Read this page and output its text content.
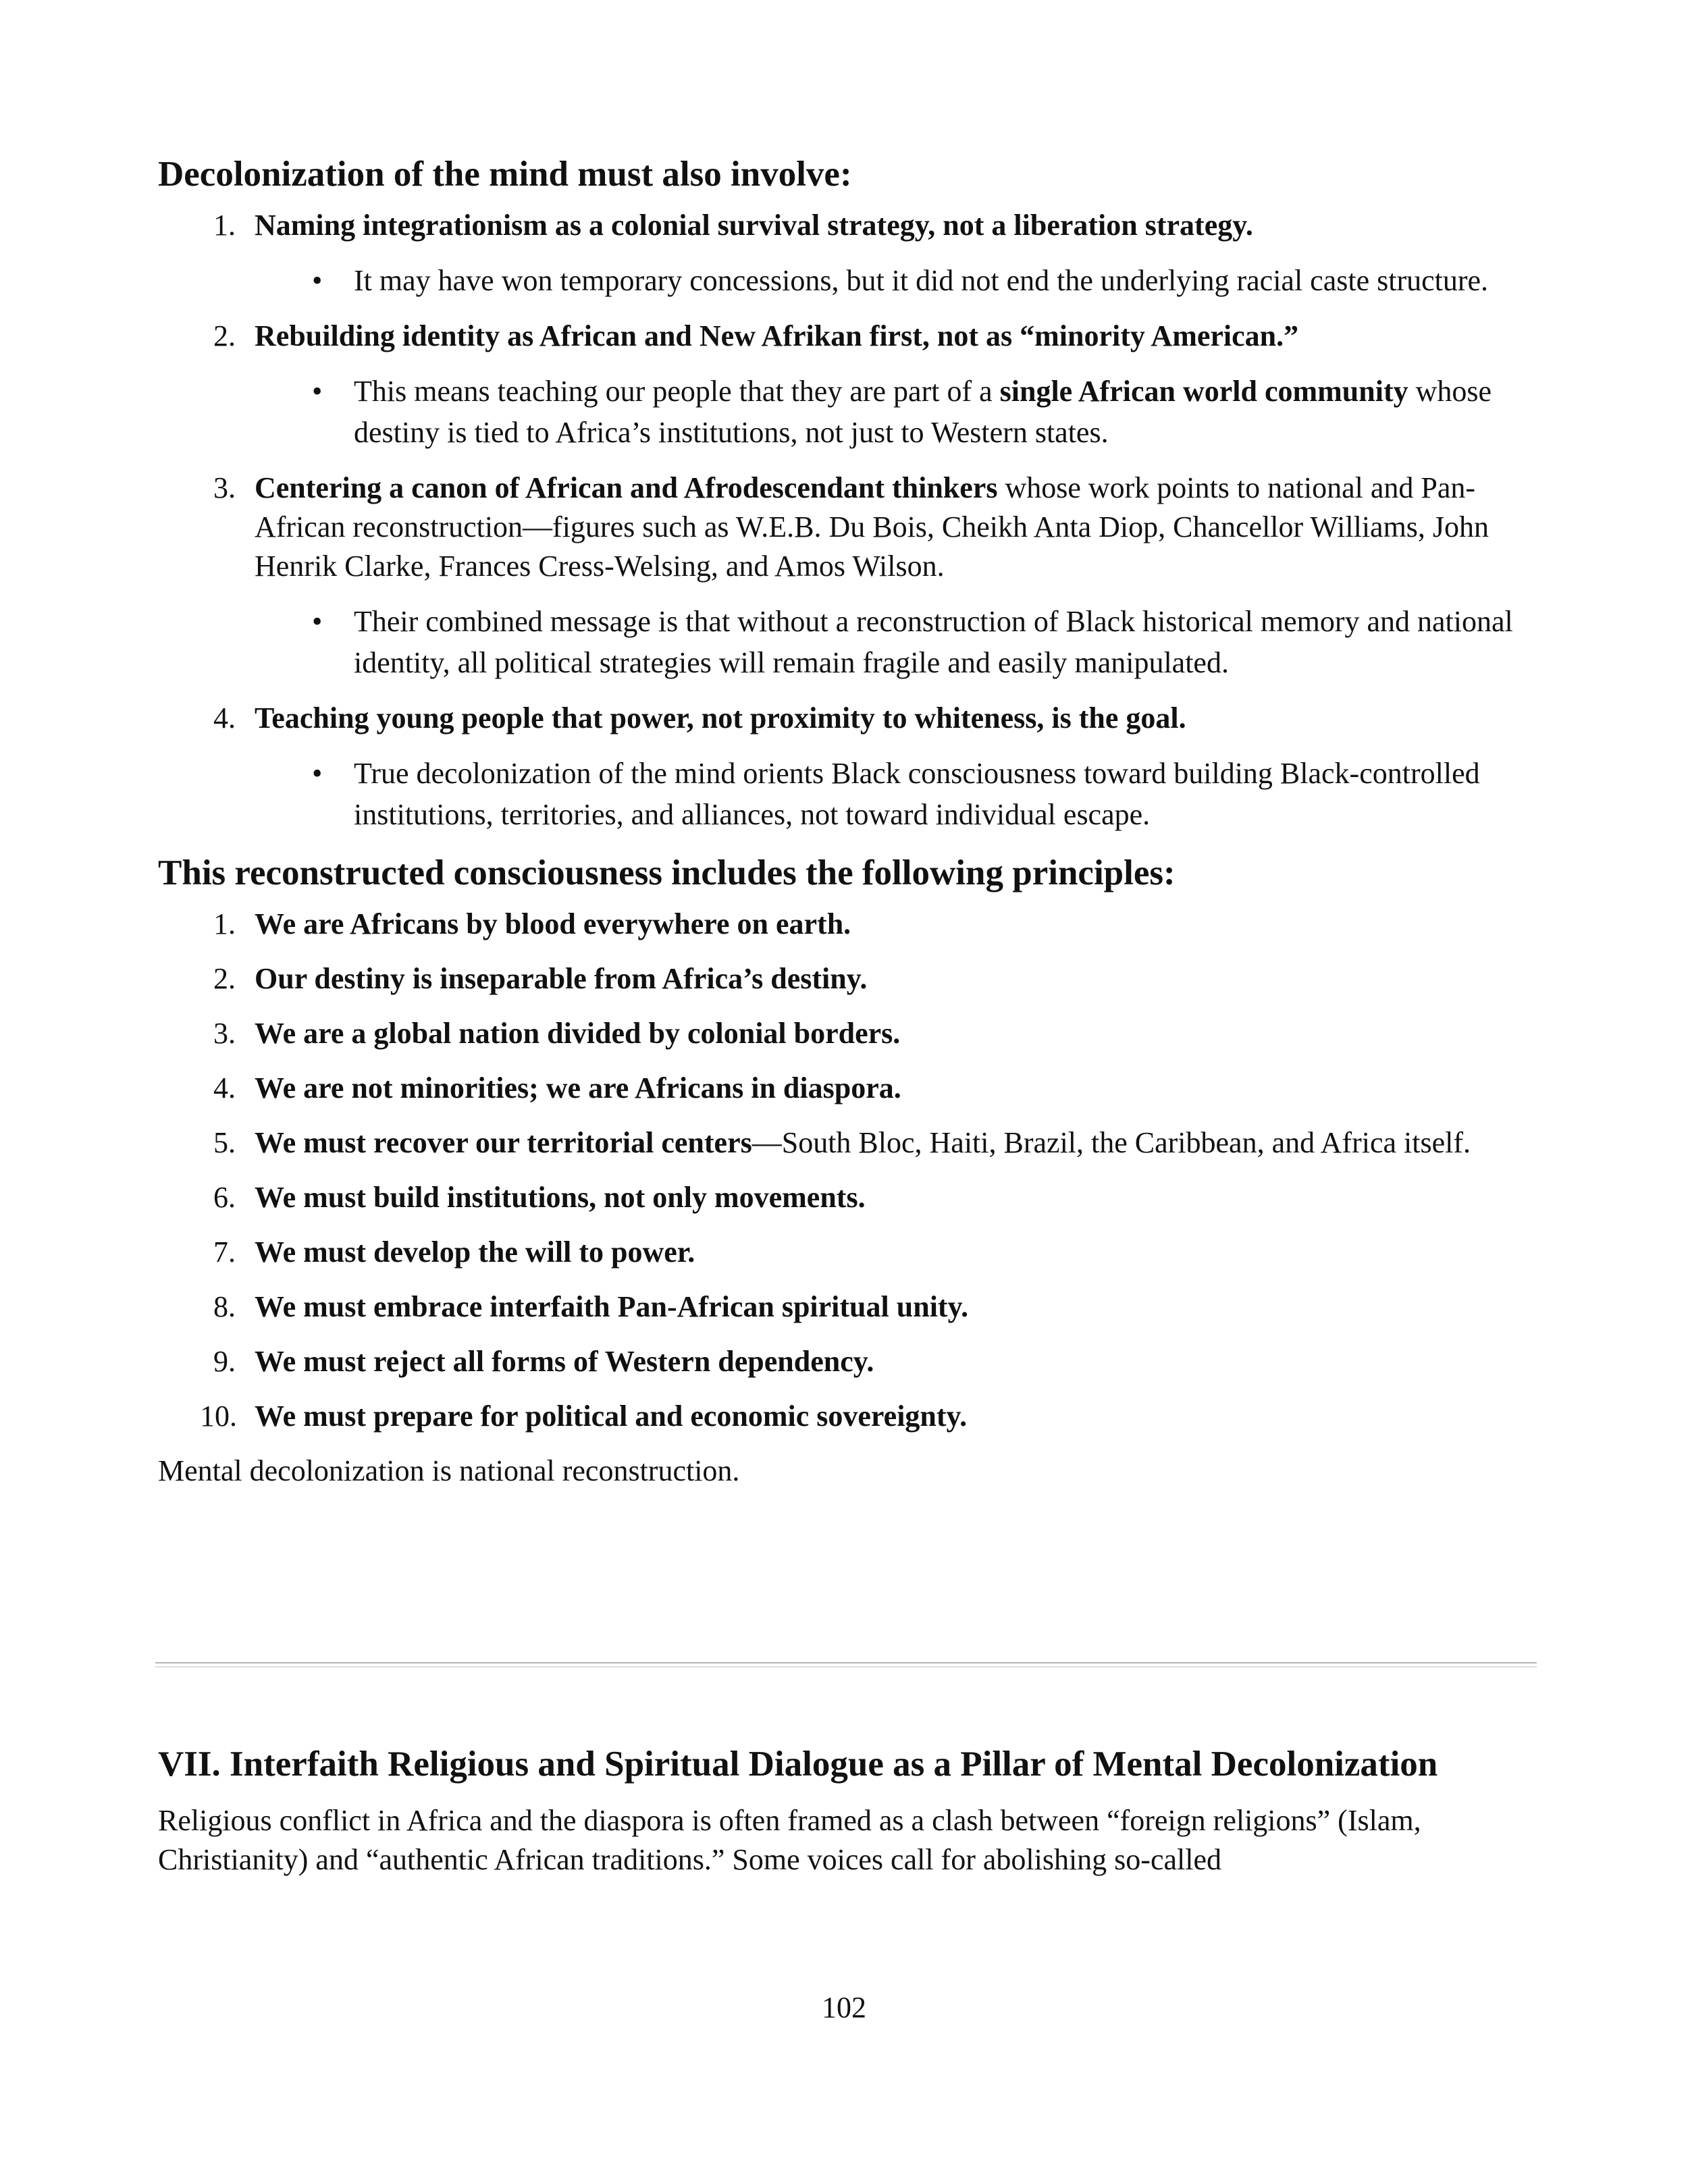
Decolonization of the mind must also involve:
1. Naming integrationism as a colonial survival strategy, not a liberation strategy.
• It may have won temporary concessions, but it did not end the underlying racial caste structure.
2. Rebuilding identity as African and New Afrikan first, not as “minority American.”
• This means teaching our people that they are part of a single African world community whose destiny is tied to Africa’s institutions, not just to Western states.
3. Centering a canon of African and Afrodescendant thinkers whose work points to national and Pan-African reconstruction—figures such as W.E.B. Du Bois, Cheikh Anta Diop, Chancellor Williams, John Henrik Clarke, Frances Cress-Welsing, and Amos Wilson.
• Their combined message is that without a reconstruction of Black historical memory and national identity, all political strategies will remain fragile and easily manipulated.
4. Teaching young people that power, not proximity to whiteness, is the goal.
• True decolonization of the mind orients Black consciousness toward building Black-controlled institutions, territories, and alliances, not toward individual escape.
This reconstructed consciousness includes the following principles:
1. We are Africans by blood everywhere on earth.
2. Our destiny is inseparable from Africa’s destiny.
3. We are a global nation divided by colonial borders.
4. We are not minorities; we are Africans in diaspora.
5. We must recover our territorial centers—South Bloc, Haiti, Brazil, the Caribbean, and Africa itself.
6. We must build institutions, not only movements.
7. We must develop the will to power.
8. We must embrace interfaith Pan-African spiritual unity.
9. We must reject all forms of Western dependency.
10. We must prepare for political and economic sovereignty.

Mental decolonization is national reconstruction.

VII. Interfaith Religious and Spiritual Dialogue as a Pillar of Mental Decolonization

Religious conflict in Africa and the diaspora is often framed as a clash between “foreign religions” (Islam, Christianity) and “authentic African traditions.” Some voices call for abolishing so-called

102
